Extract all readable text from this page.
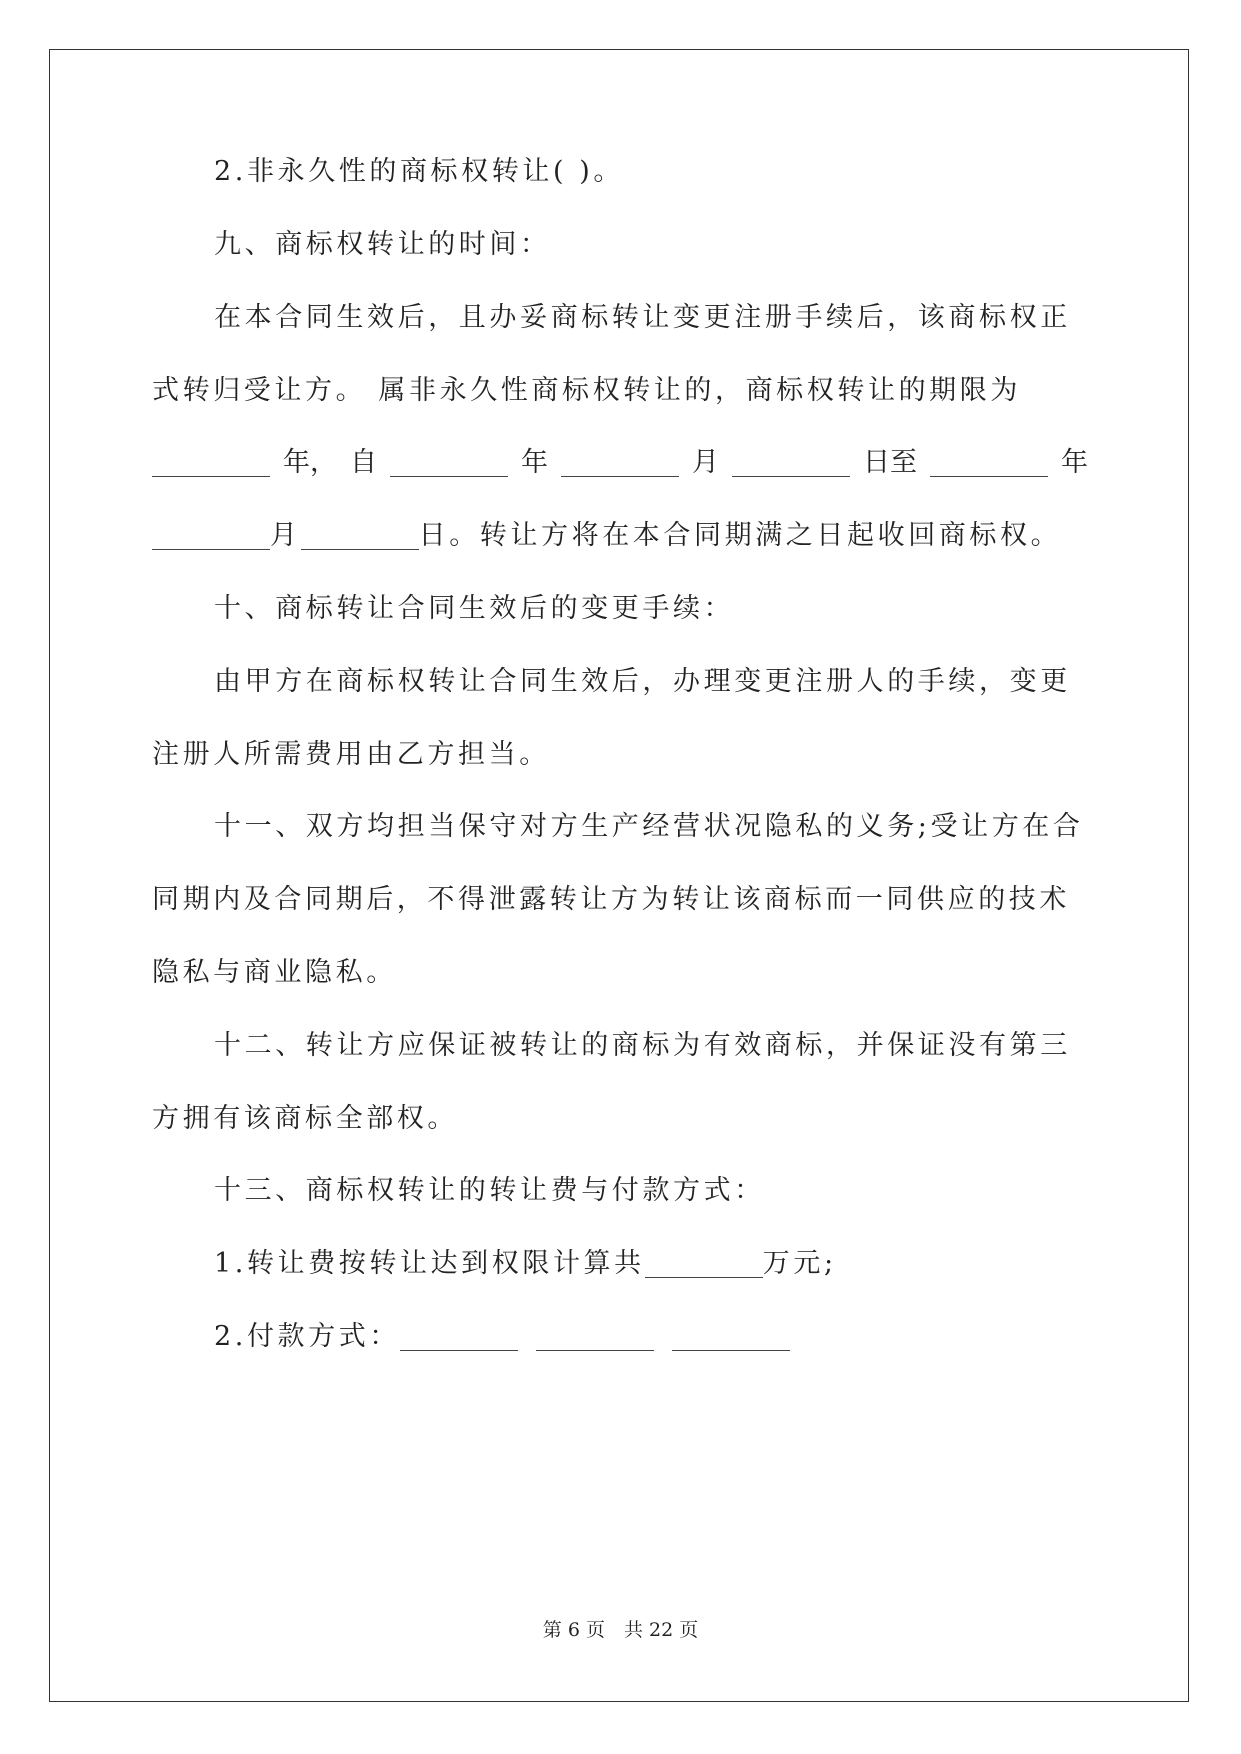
2.非永久性的商标权转让( )。
九、商标权转让的时间：
在本合同生效后，且办妥商标转让变更注册手续后，该商标权正
式转归受让方。 属非永久性商标权转让的，商标权转让的期限为
年， 自	年	月	日至	年
月	日。转让方将在本合同期满之日起收回商标权。
十、商标转让合同生效后的变更手续：
由甲方在商标权转让合同生效后，办理变更注册人的手续，变更
注册人所需费用由乙方担当。
十一、双方均担当保守对方生产经营状况隐私的义务;受让方在合
同期内及合同期后，不得泄露转让方为转让该商标而一同供应的技术
隐私与商业隐私。
十二、转让方应保证被转让的商标为有效商标，并保证没有第三
方拥有该商标全部权。
十三、商标权转让的转让费与付款方式：
1.转让费按转让达到权限计算共	万元;
2.付款方式：
第 6 页　共 22 页
